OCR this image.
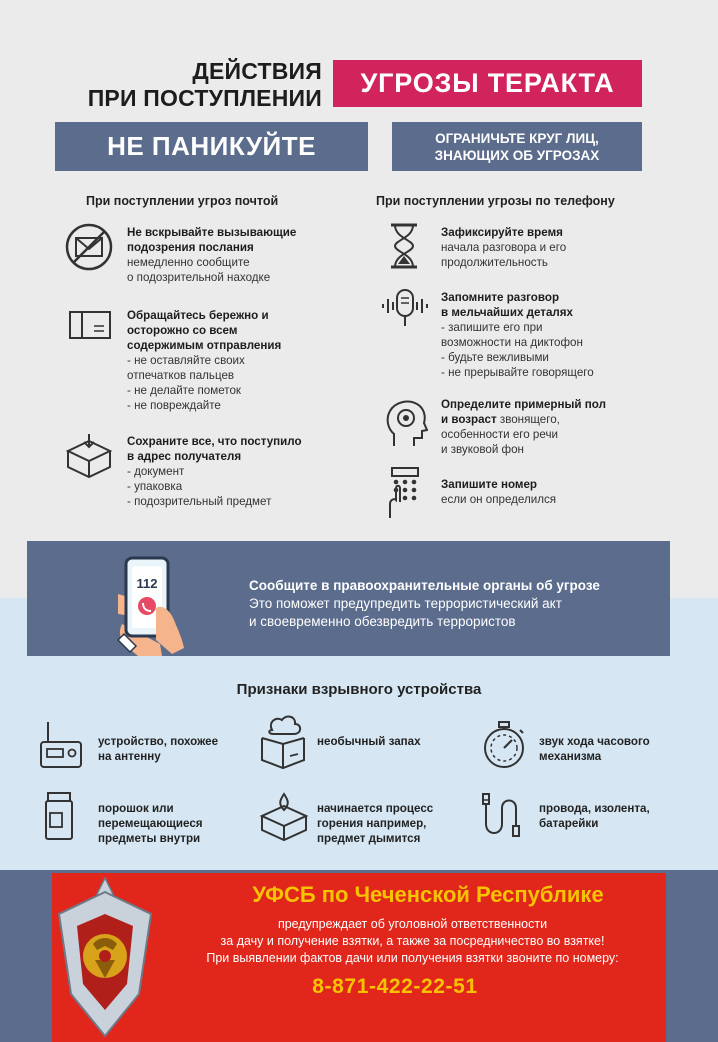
ДЕЙСТВИЯ
ПРИ ПОСТУПЛЕНИИ	УГРОЗЫ ТЕРАКТА
НЕ ПАНИКУЙТЕ	ОГРАНИЧЬТЕ КРУГ ЛИЦ,
ЗНАЮЩИХ ОБ УГРОЗАХ
При поступлении угроз почтой
Не вскрывайте вызывающие
подозрения послания
немедленно сообщите
о подозрительной находке
Обращайтесь бережно и
осторожно со всем
содержимым отправления
- не оставляйте своих
отпечатков пальцев
- не делайте пометок
- не повреждайте
Сохраните все, что поступило
в адрес получателя
- документ
- упаковка
- подозрительный предмет
При поступлении угрозы по телефону
Зафиксируйте время
начала разговора и его
продолжительность
Запомните разговор
в мельчайших деталях
- запишите его при
возможности на диктофон
- будьте вежливыми
- не прерывайте говорящего
Определите примерный пол
и возраст звонящего,
особенности его речи
и звуковой фон
Запишите номер
если он определился
112	Сообщите в правоохранительные органы об угрозе
Это поможет предупредить террористический акт
и своевременно обезвредить террористов
Признаки взрывного устройства
устройство, похожее
на антенну
необычный запах	звук хода часового
механизма
порошок или
перемещающиеся
предметы внутри
начинается процесс
горения например,
предмет дымится
провода, изолента,
батарейки
УФСБ по Чеченской Республике
предупреждает об уголовной ответственности
за дачу и получение взятки, а также за посредничество во взятке!
При выявлении фактов дачи или получения взятки звоните по номеру:
8-871-422-22-51
